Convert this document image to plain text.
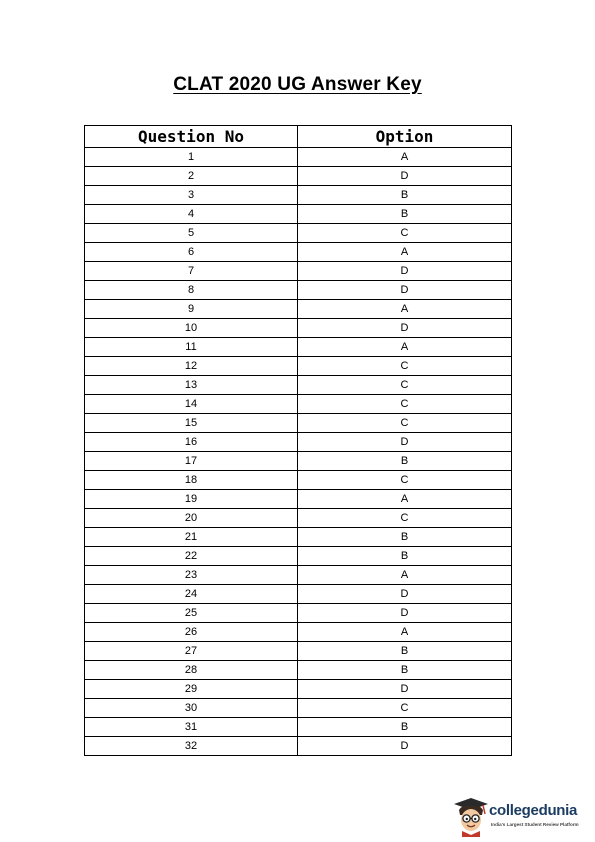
CLAT 2020 UG Answer Key
Question No	Option
1	A
2	D
3	B
4	B
5	C
6	A
7	D
8	D
9	A
10	D
11	A
12	C
13	C
14	C
15	C
16	D
17	B
18	C
19	A
20	C
21	B
22	B
23	A
24	D
25	D
26	A
27	B
28	B
29	D
30	C
31	B
32	D
collegedunia
India's Largest Student Review Platform
